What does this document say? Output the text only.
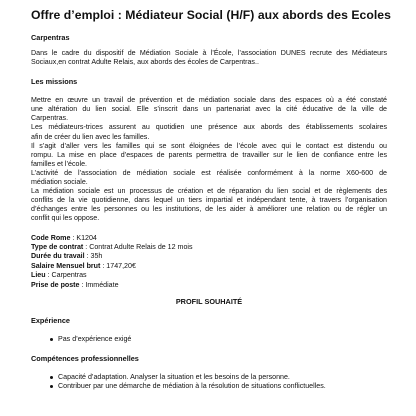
Offre d’emploi : Médiateur Social (H/F) aux abords des Ecoles

Carpentras

Dans le cadre du dispositif de Médiation Sociale à l’École, l’association DUNES recrute des Médiateurs

Sociaux,en contrat Adulte Relais, aux abords des écoles de Carpentras..

Les missions

Mettre en œuvre un travail de prévention et de médiation sociale dans des espaces où a été constaté

une altération du lien social. Elle s’inscrit dans un partenariat avec la cité éducative de la ville de

Carpentras.

Les médiateurs-trices assurent au quotidien une présence aux abords des établissements scolaires

afin de créer du lien avec les familles.

Il s’agit d’aller vers les familles qui se sont éloignées de l’école avec qui le contact est distendu ou

rompu. La mise en place d’espaces de parents permettra de travailler sur le lien de confiance entre les

familles et l’école.

L’activité de l’association de médiation sociale est réalisée conformément à la norme X60-600 de

médiation sociale.

La médiation sociale est un processus de création et de réparation du lien social et de règlements des

conflits de la vie quotidienne, dans lequel un tiers impartial et indépendant tente, à travers l’organisation

d’échanges entre les personnes ou les institutions, de les aider à améliorer une relation ou de régler un

conflit qui les oppose.

Code Rome : K1204

Type de contrat : Contrat Adulte Relais de 12 mois

Durée du travail : 35h

Salaire Mensuel brut : 1747,20€

Lieu : Carpentras

Prise de poste : Immédiate

PROFIL SOUHAITÉ

Expérience

Pas d’expérience exigé

Compétences professionnelles

Capacité d’adaptation. Analyser la situation et les besoins de la personne.
Contribuer par une démarche de médiation à la résolution de situations conflictuelles.
